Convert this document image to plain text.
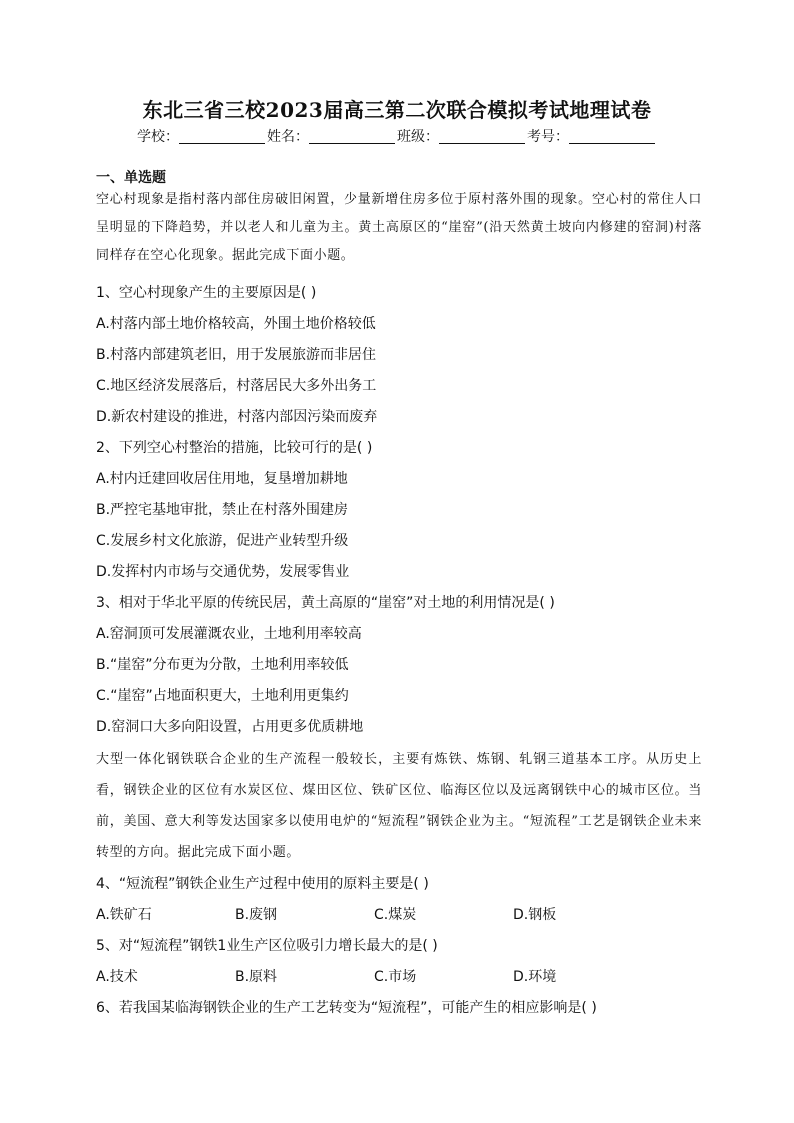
东北三省三校2023届高三第二次联合模拟考试地理试卷
学校：	姓名：	班级：	考号：
一、单选题
空心村现象是指村落内部住房破旧闲置，少量新增住房多位于原村落外围的现象。空心村的常住人口呈明显的下降趋势，并以老人和儿童为主。黄土高原区的“崖窑”(沿天然黄土坡向内修建的窑洞)村落同样存在空心化现象。据此完成下面小题。
1、空心村现象产生的主要原因是( )
A.村落内部土地价格较高，外围土地价格较低
B.村落内部建筑老旧，用于发展旅游而非居住
C.地区经济发展落后，村落居民大多外出务工
D.新农村建设的推进，村落内部因污染而废弃
2、下列空心村整治的措施，比较可行的是( )
A.村内迁建回收居住用地，复垦增加耕地
B.严控宅基地审批，禁止在村落外围建房
C.发展乡村文化旅游，促进产业转型升级
D.发挥村内市场与交通优势，发展零售业
3、相对于华北平原的传统民居，黄土高原的“崖窑”对土地的利用情况是( )
A.窑洞顶可发展灌溉农业，土地利用率较高
B.“崖窑”分布更为分散，土地利用率较低
C.“崖窑”占地面积更大，土地利用更集约
D.窑洞口大多向阳设置，占用更多优质耕地
大型一体化钢铁联合企业的生产流程一般较长，主要有炼铁、炼钢、轧钢三道基本工序。从历史上看，钢铁企业的区位有水炭区位、煤田区位、铁矿区位、临海区位以及远离钢铁中心的城市区位。当前，美国、意大利等发达国家多以使用电炉的“短流程”钢铁企业为主。“短流程”工艺是钢铁企业未来转型的方向。据此完成下面小题。
4、“短流程”钢铁企业生产过程中使用的原料主要是( )
A.铁矿石	B.废钢	C.煤炭	D.钢板
5、对“短流程”钢铁1业生产区位吸引力增长最大的是( )
A.技术	B.原料	C.市场	D.环境
6、若我国某临海钢铁企业的生产工艺转变为“短流程”，可能产生的相应影响是( )
